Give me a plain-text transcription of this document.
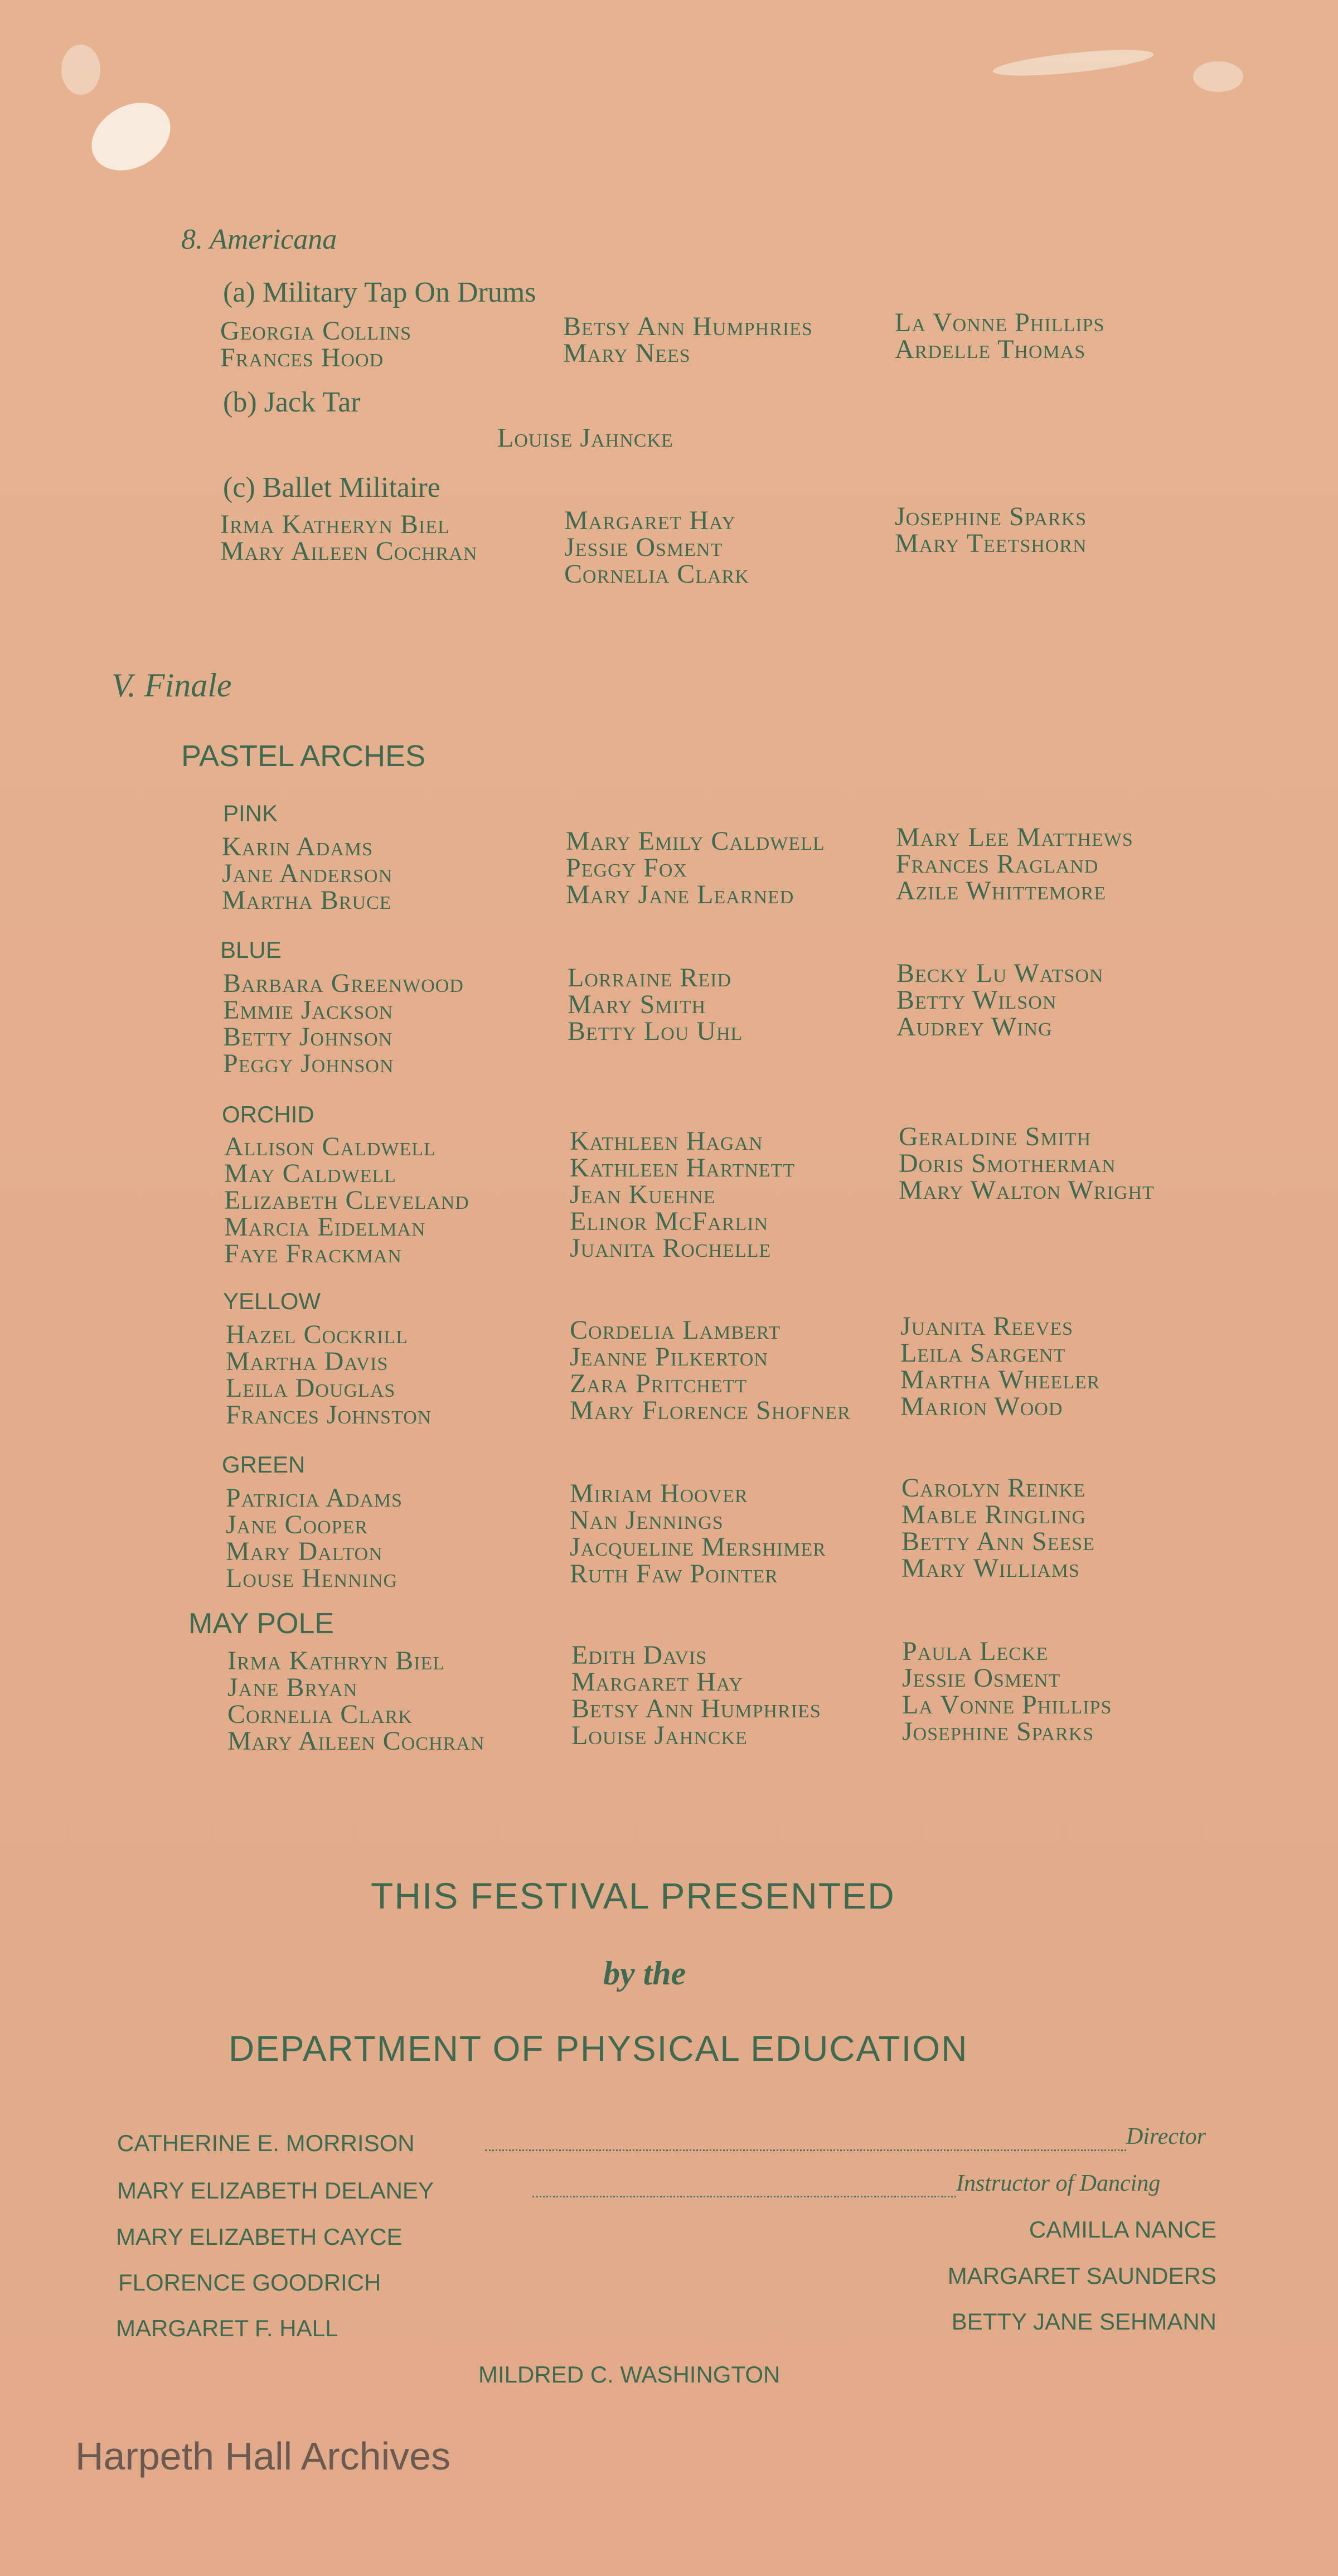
8. Americana
(a) Military Tap On Drums
Georgia Collins
Frances Hood
Betsy Ann Humphries
Mary Nees
La Vonne Phillips
Ardelle Thomas
(b) Jack Tar
Louise Jahncke
(c) Ballet Militaire
Irma Katheryn Biel
Mary Aileen Cochran
Margaret Hay
Jessie Osment
Cornelia Clark
Josephine Sparks
Mary Teetshorn
V. Finale
PASTEL ARCHES
PINK
Karin Adams
Jane Anderson
Martha Bruce
Mary Emily Caldwell
Peggy Fox
Mary Jane Learned
Mary Lee Matthews
Frances Ragland
Azile Whittemore
BLUE
Barbara Greenwood
Emmie Jackson
Betty Johnson
Peggy Johnson
Lorraine Reid
Mary Smith
Betty Lou Uhl
Becky Lu Watson
Betty Wilson
Audrey Wing
ORCHID
Allison Caldwell
May Caldwell
Elizabeth Cleveland
Marcia Eidelman
Faye Frackman
Kathleen Hagan
Kathleen Hartnett
Jean Kuehne
Elinor McFarlin
Juanita Rochelle
Geraldine Smith
Doris Smotherman
Mary Walton Wright
YELLOW
Hazel Cockrill
Martha Davis
Leila Douglas
Frances Johnston
Cordelia Lambert
Jeanne Pilkerton
Zara Pritchett
Mary Florence Shofner
Juanita Reeves
Leila Sargent
Martha Wheeler
Marion Wood
GREEN
Patricia Adams
Jane Cooper
Mary Dalton
Louse Henning
Miriam Hoover
Nan Jennings
Jacqueline Mershimer
Ruth Faw Pointer
Carolyn Reinke
Mable Ringling
Betty Ann Seese
Mary Williams
MAY POLE
Irma Kathryn Biel
Jane Bryan
Cornelia Clark
Mary Aileen Cochran
Edith Davis
Margaret Hay
Betsy Ann Humphries
Louise Jahncke
Paula Lecke
Jessie Osment
La Vonne Phillips
Josephine Sparks
THIS FESTIVAL PRESENTED
by the
DEPARTMENT OF PHYSICAL EDUCATION
CATHERINE E. MORRISON	Director
MARY ELIZABETH DELANEY	Instructor of Dancing
MARY ELIZABETH CAYCE
FLORENCE GOODRICH
MARGARET F. HALL
CAMILLA NANCE
MARGARET SAUNDERS
BETTY JANE SEHMANN
MILDRED C. WASHINGTON
Harpeth Hall Archives
